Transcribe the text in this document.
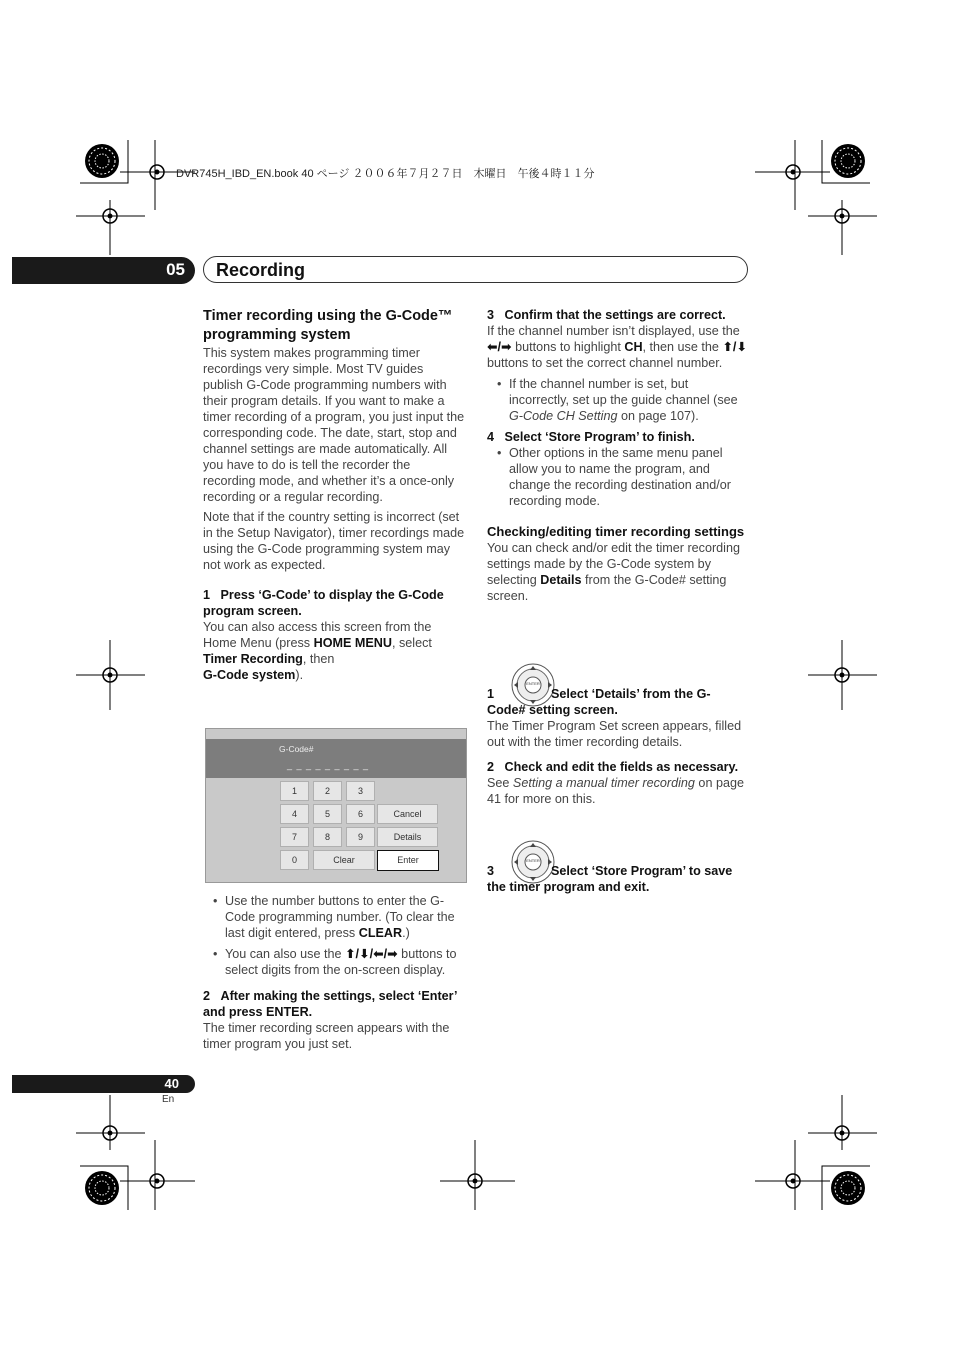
DVR745H_IBD_EN.book 40 ページ ２００６年７月２７日　木曜日　午後４時１１分
05 Recording
Timer recording using the G-Code™ programming system

This system makes programming timer recordings very simple. Most TV guides publish G-Code programming numbers with their program details. If you want to make a timer recording of a program, you just input the corresponding code. The date, start, stop and channel settings are made automatically. All you have to do is tell the recorder the recording mode, and whether it’s a once-only recording or a regular recording.

Note that if the country setting is incorrect (set in the Setup Navigator), timer recordings made using the G-Code programming system may not work as expected.

1 Press ‘G-Code’ to display the G-Code program screen.

You can also access this screen from the Home Menu (press HOME MENU, select Timer Recording, then
G-Code system).

G-Code#
_ _ _ _ _ _ _ _ _
1	2	3
4	5	6	Cancel
7	8	9	Details
0	Clear	Enter
• Use the number buttons to enter the G-Code programming number. (To clear the last digit entered, press CLEAR.)
• You can also use the ⬆/⬇/⬅/➡ buttons to select digits from the on-screen display.
2 After making the settings, select ‘Enter’ and press ENTER.

The timer recording screen appears with the timer program you just set.

3 Confirm that the settings are correct.

If the channel number isn’t displayed, use the ⬅/➡ buttons to highlight CH, then use the ⬆/⬇ buttons to set the correct channel number.

• If the channel number is set, but incorrectly, set up the guide channel (see G-Code CH Setting on page 107).
4 Select ‘Store Program’ to finish.
• Other options in the same menu panel allow you to name the program, and change the recording destination and/or recording mode.
Checking/editing timer recording settings

You can check and/or edit the timer recording settings made by the G-Code system by selecting Details from the G-Code# setting screen.

ENTER
1	Select ‘Details’ from the G-Code# setting screen.

The Timer Program Set screen appears, filled out with the timer recording details.

2 Check and edit the fields as necessary.

See Setting a manual timer recording on page 41 for more on this.

ENTER
3	Select ‘Store Program’ to save the timer program and exit.
40
En
